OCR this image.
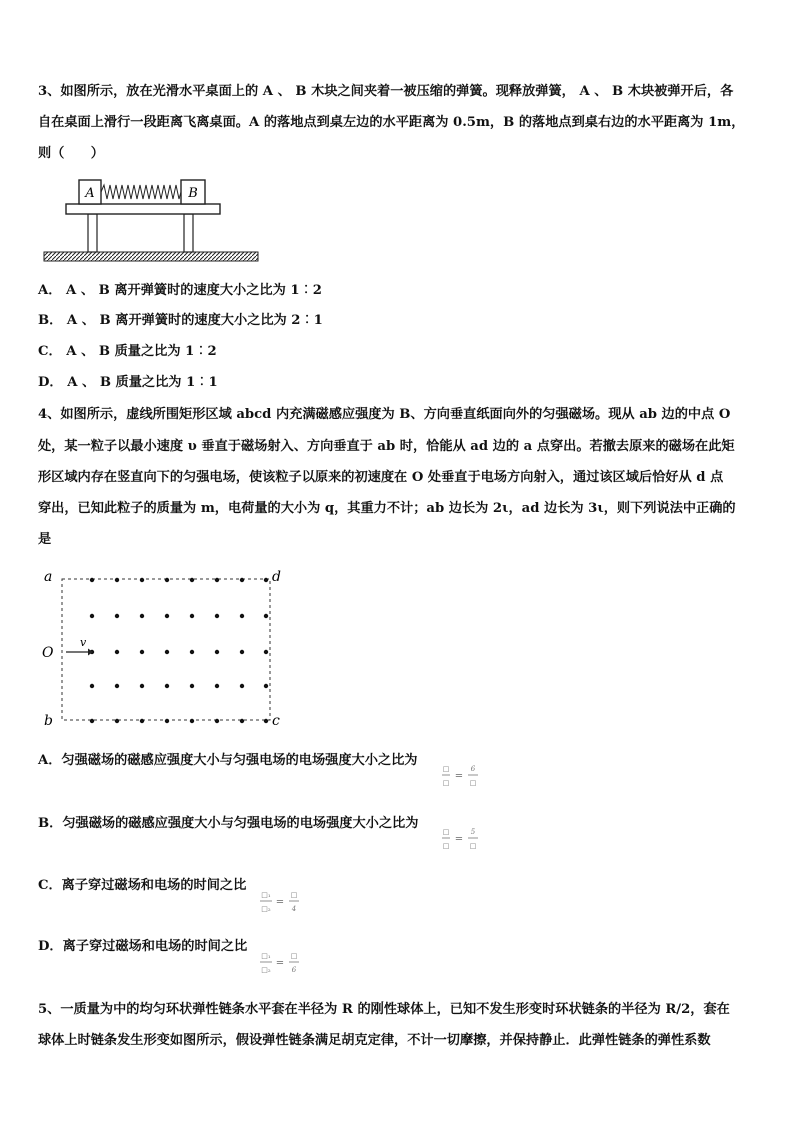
3、如图所示，放在光滑水平桌面上的 A 、 B 木块之间夹着一被压缩的弹簧。现释放弹簧， A 、 B 木块被弹开后，各
自在桌面上滑行一段距离飞离桌面。A 的落地点到桌左边的水平距离为 0.5m，B 的落地点到桌右边的水平距离为 1m，
则（　　）
A	B
A． A 、 B 离开弹簧时的速度大小之比为 1︰2
B． A 、 B 离开弹簧时的速度大小之比为 2︰1
C． A 、 B 质量之比为 1︰2
D． A 、 B 质量之比为 1︰1
4、如图所示，虚线所围矩形区域 abcd 内充满磁感应强度为 B、方向垂直纸面向外的匀强磁场。现从 ab 边的中点 O
处，某一粒子以最小速度 υ 垂直于磁场射入、方向垂直于 ab 时，恰能从 ad 边的 a 点穿出。若撤去原来的磁场在此矩
形区域内存在竖直向下的匀强电场，使该粒子以原来的初速度在 O 处垂直于电场方向射入，通过该区域后恰好从 d 点
穿出，已知此粒子的质量为 m，电荷量的大小为 q，其重力不计；ab 边长为 2ι，ad 边长为 3ι，则下列说法中正确的
是
a	d
b	c
O
v
A．匀强磁场的磁感应强度大小与匀强电场的电场强度大小之比为
B．匀强磁场的磁感应强度大小与匀强电场的电场强度大小之比为
C．离子穿过磁场和电场的时间之比
D．离子穿过磁场和电场的时间之比
□
□
=
6
□
□
□
=
5
□
□₁
□₂
=
□
4
□₁
□₂
=
□
6
5、一质量为中的均匀环状弹性链条水平套在半径为 R 的刚性球体上，已知不发生形变时环状链条的半径为 R/2，套在
球体上时链条发生形变如图所示，假设弹性链条满足胡克定律，不计一切摩擦，并保持静止．此弹性链条的弹性系数
